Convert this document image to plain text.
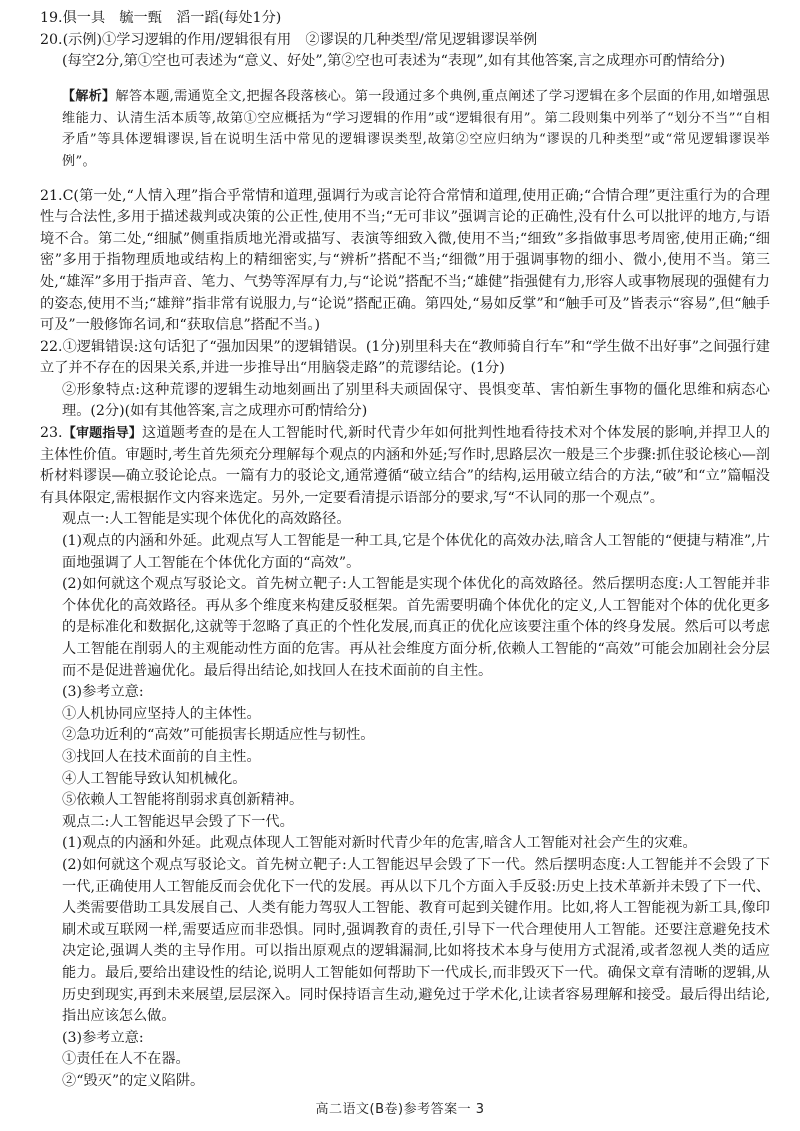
19.俱一具　毓一甄　滔一蹈(每处1分)

20.(示例)①学习逻辑的作用/逻辑很有用　②谬误的几种类型/常见逻辑谬误举例

(每空2分,第①空也可表述为“意义、好处”,第②空也可表述为“表现”,如有其他答案,言之成理亦可酌情给分)

【解析】解答本题,需通览全文,把握各段落核心。第一段通过多个典例,重点阐述了学习逻辑在多个层面的作用,如增强思维能力、认清生活本质等,故第①空应概括为“学习逻辑的作用”或“逻辑很有用”。第二段则集中列举了“划分不当”“自相矛盾”等具体逻辑谬误,旨在说明生活中常见的逻辑谬误类型,故第②空应归纳为“谬误的几种类型”或“常见逻辑谬误举例”。

21.C(第一处,“人情入理”指合乎常情和道理,强调行为或言论符合常情和道理,使用正确;“合情合理”更注重行为的合理性与合法性,多用于描述裁判或决策的公正性,使用不当;“无可非议”强调言论的正确性,没有什么可以批评的地方,与语境不合。第二处,“细腻”侧重指质地光滑或描写、表演等细致入微,使用不当;“细致”多指做事思考周密,使用正确;“细密”多用于指物理质地或结构上的精细密实,与“辨析”搭配不当;“细微”用于强调事物的细小、微小,使用不当。第三处,“雄浑”多用于指声音、笔力、气势等浑厚有力,与“论说”搭配不当;“雄健”指强健有力,形容人或事物展现的强健有力的姿态,使用不当;“雄辩”指非常有说服力,与“论说”搭配正确。第四处,“易如反掌”和“触手可及”皆表示“容易”,但“触手可及”一般修饰名词,和“获取信息”搭配不当。)

22.①逻辑错误:这句话犯了“强加因果”的逻辑错误。(1分)别里科夫在“教师骑自行车”和“学生做不出好事”之间强行建立了并不存在的因果关系,并进一步推导出“用脑袋走路”的荒谬结论。(1分)

②形象特点:这种荒谬的逻辑生动地刻画出了别里科夫顽固保守、畏惧变革、害怕新生事物的僵化思维和病态心理。(2分)(如有其他答案,言之成理亦可酌情给分)

23.【审题指导】这道题考查的是在人工智能时代,新时代青少年如何批判性地看待技术对个体发展的影响,并捍卫人的主体性价值。审题时,考生首先须充分理解每个观点的内涵和外延;写作时,思路层次一般是三个步骤:抓住驳论核心—剖析材料谬误—确立驳论论点。一篇有力的驳论文,通常遵循“破立结合”的结构,运用破立结合的方法,“破”和“立”篇幅没有具体限定,需根据作文内容来选定。另外,一定要看清提示语部分的要求,写“不认同的那一个观点”。

观点一:人工智能是实现个体优化的高效路径。

(1)观点的内涵和外延。此观点写人工智能是一种工具,它是个体优化的高效办法,暗含人工智能的“便捷与精准”,片面地强调了人工智能在个体优化方面的“高效”。

(2)如何就这个观点写驳论文。首先树立靶子:人工智能是实现个体优化的高效路径。然后摆明态度:人工智能并非个体优化的高效路径。再从多个维度来构建反驳框架。首先需要明确个体优化的定义,人工智能对个体的优化更多的是标准化和数据化,这就等于忽略了真正的个性化发展,而真正的优化应该要注重个体的终身发展。然后可以考虑人工智能在削弱人的主观能动性方面的危害。再从社会维度方面分析,依赖人工智能的“高效”可能会加剧社会分层而不是促进普遍优化。最后得出结论,如找回人在技术面前的自主性。

(3)参考立意:

①人机协同应坚持人的主体性。

②急功近利的“高效”可能损害长期适应性与韧性。

③找回人在技术面前的自主性。

④人工智能导致认知机械化。

⑤依赖人工智能将削弱求真创新精神。

观点二:人工智能迟早会毁了下一代。

(1)观点的内涵和外延。此观点体现人工智能对新时代青少年的危害,暗含人工智能对社会产生的灾难。

(2)如何就这个观点写驳论文。首先树立靶子:人工智能迟早会毁了下一代。然后摆明态度:人工智能并不会毁了下一代,正确使用人工智能反而会优化下一代的发展。再从以下几个方面入手反驳:历史上技术革新并未毁了下一代、人类需要借助工具发展自己、人类有能力驾驭人工智能、教育可起到关键作用。比如,将人工智能视为新工具,像印刷术或互联网一样,需要适应而非恐惧。同时,强调教育的责任,引导下一代合理使用人工智能。还要注意避免技术决定论,强调人类的主导作用。可以指出原观点的逻辑漏洞,比如将技术本身与使用方式混淆,或者忽视人类的适应能力。最后,要给出建设性的结论,说明人工智能如何帮助下一代成长,而非毁灭下一代。确保文章有清晰的逻辑,从历史到现实,再到未来展望,层层深入。同时保持语言生动,避免过于学术化,让读者容易理解和接受。最后得出结论,指出应该怎么做。

(3)参考立意:

①责任在人不在器。

②“毁灭”的定义陷阱。

高二语文(B卷)参考答案一 3
